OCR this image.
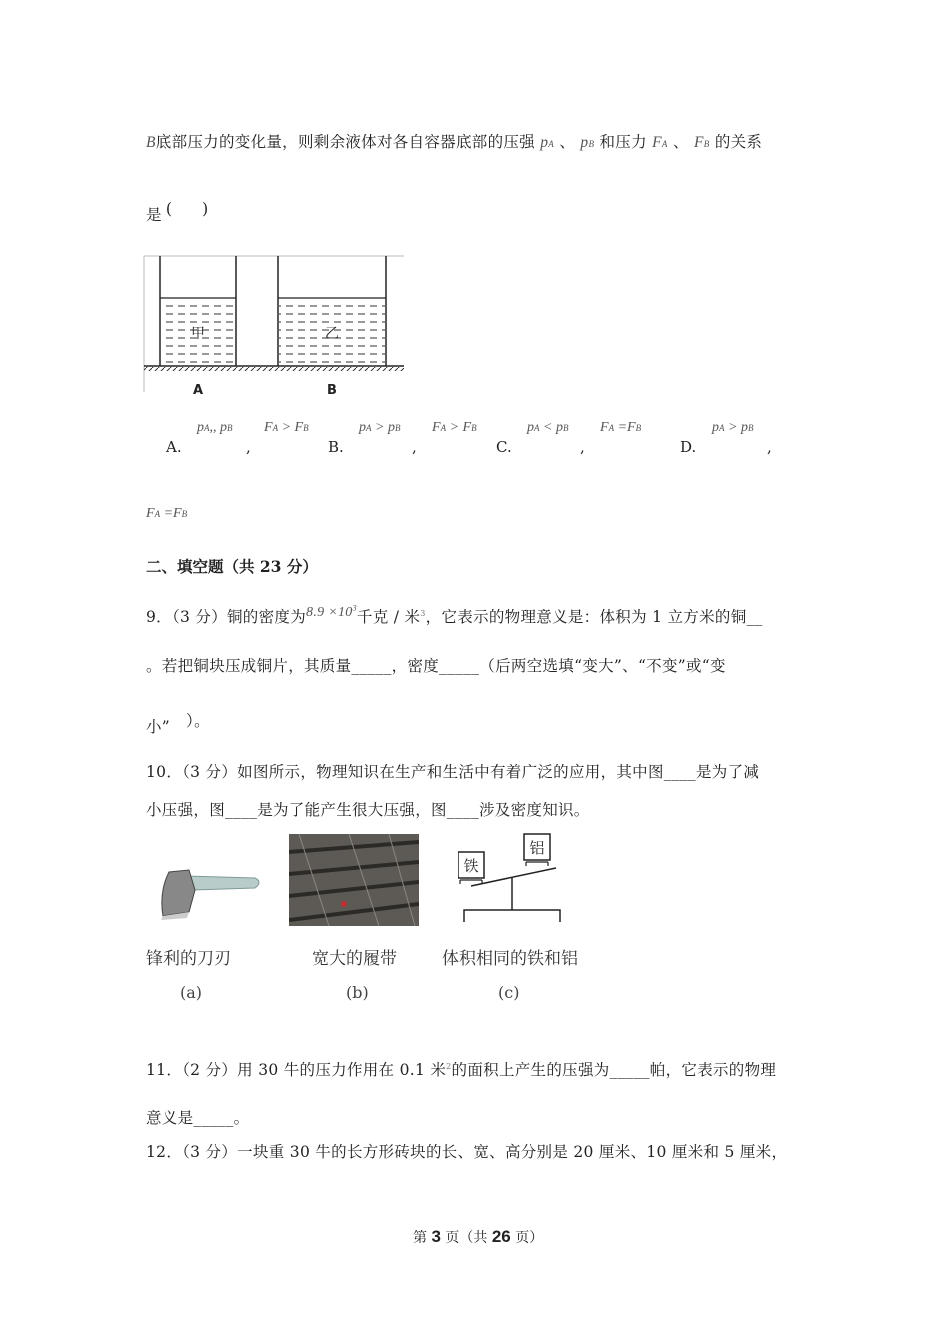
B底部压力的变化量，则剩余液体对各自容器底部的压强 pA 、 pB 和压力 FA 、 FB 的关系
是 ( )
甲	乙
A	B
A.
pA,, pB
,
FA > FB
B.
pA > pB
,
FA > FB
C.
pA < pB
,
FA =FB
D.
pA > pB
,
FA =FB
二、填空题（共 23 分）
9．（3 分）铜的密度为$8.9 \times 10^3$千克 / 米$^3$，它表示的物理意义是：体积为 1 立方米的铜__
。若把铜块压成铜片，其质量_____，密度_____（后两空选填“变大”、“不变”或“变
小” ）。
10．（3 分）如图所示，物理知识在生产和生活中有着广泛的应用，其中图____是为了减
小压强，图____是为了能产生很大压强，图____涉及密度知识。
锋利的刀刃
(a)
宽大的履带
(b)
铁
铝
体积相同的铁和铝
(c)
11．（2 分）用 30 牛的压力作用在 0.1 米$^2$的面积上产生的压强为_____帕，它表示的物理
意义是_____。
12．（3 分）一块重 30 牛的长方形砖块的长、宽、高分别是 20 厘米、10 厘米和 5 厘米，
第 3 页（共 26 页）
